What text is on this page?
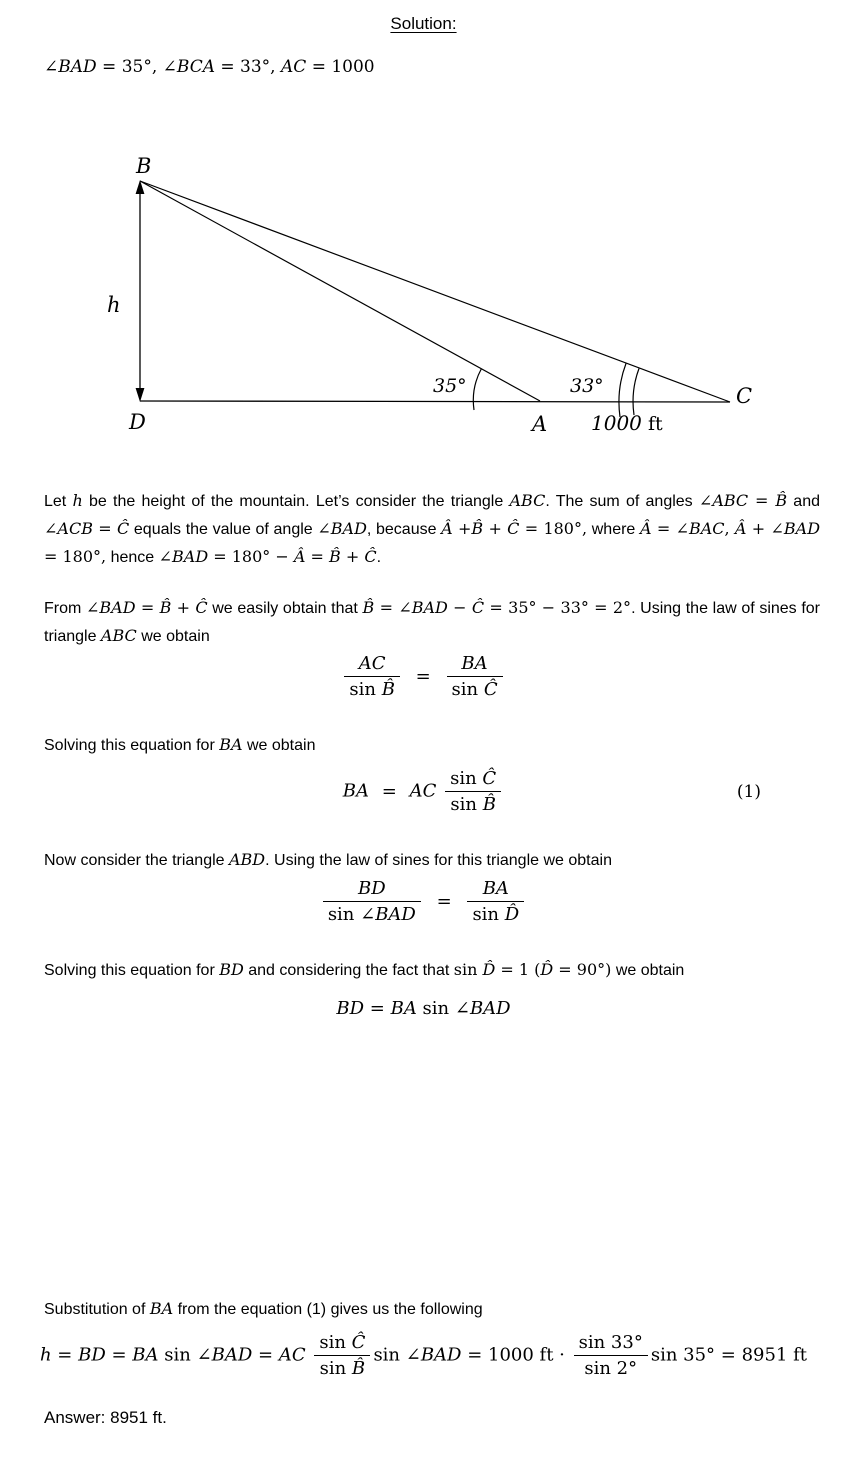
Solution:
∠BAD = 35°, ∠BCA = 33°, AC = 1000
B
h
D	A
C
35°	33°
1000 ft
Let h be the height of the mountain. Let’s consider the triangle ABC. The sum of angles ∠ABC = B̂ and ∠ACB = Ĉ equals the value of angle ∠BAD, because Â +B̂ + Ĉ = 180°, where Â = ∠BAC, Â + ∠BAD = 180°, hence ∠BAD = 180° − Â = B̂ + Ĉ.
From ∠BAD = B̂ + Ĉ we easily obtain that B̂ = ∠BAD − Ĉ = 35° − 33° = 2°. Using the law of sines for triangle ABC we obtain
$\frac{AC}{\text{sin B̂}} = \frac{BA}{\text{sin Ĉ}}$
Solving this equation for BA we obtain
BA = AC $\frac{\text{sin Ĉ}}{\text{sin B̂}}$	(1)
Now consider the triangle ABD. Using the law of sines for this triangle we obtain
$\frac{BD}{\text{sin ∠BAD}} = \frac{BA}{\text{sin D̂}}$
Solving this equation for BD and considering the fact that sin D̂ = 1 (D̂ = 90°) we obtain
BD = BA sin ∠BAD
Substitution of BA from the equation (1) gives us the following
h = BD = BA sin ∠BAD = AC $\frac{\text{sin Ĉ}}{\text{sin B̂}}$ sin ∠BAD = 1000 ft · $\frac{\sin 33^\circ}{\sin 2^\circ}$ sin 35° = 8951 ft
Answer: 8951 ft.
